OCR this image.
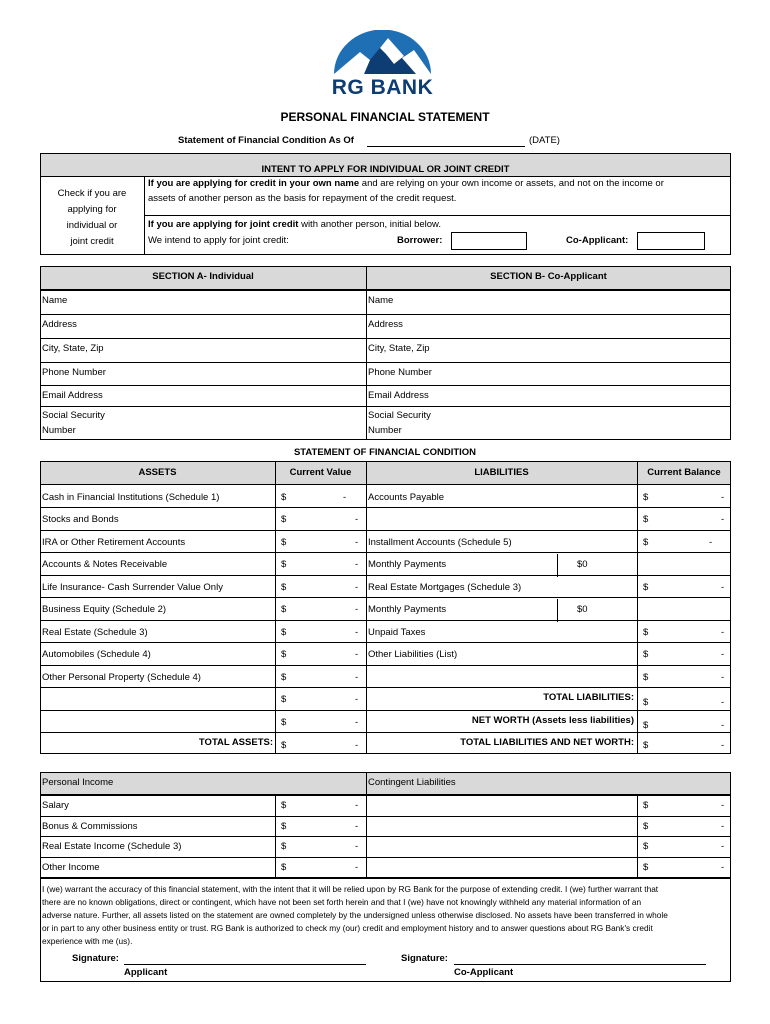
RG BANK
PERSONAL FINANCIAL STATEMENT
Statement of Financial Condition As Of	(DATE)
INTENT TO APPLY FOR INDIVIDUAL OR JOINT CREDIT
Check if you are
applying for
individual or
joint credit
If you are applying for credit in your own name and are relying on your own income or assets, and not on the income or
assets of another person as the basis for repayment of the credit request.
If you are applying for joint credit with another person, initial below.
We intend to apply for joint credit:	Borrower:	Co-Applicant:
SECTION A- Individual	SECTION B- Co-Applicant
Name	Name
Address	Address
City, State, Zip	City, State, Zip
Phone Number	Phone Number
Email Address	Email Address
Social Security
Number
Social Security
Number
STATEMENT OF FINANCIAL CONDITION
ASSETS	Current Value	LIABILITIES	Current Balance
Cash in Financial Institutions (Schedule 1)	$	- Accounts Payable	$	-
Stocks and Bonds	$	-	$	-
IRA or Other Retirement Accounts	$	- Installment Accounts (Schedule 5)	$	-
Accounts & Notes Receivable	$	- Monthly Payments	$0
Life Insurance- Cash Surrender Value Only	$	- Real Estate Mortgages (Schedule 3)	$	-
Business Equity (Schedule 2)	$	- Monthly Payments	$0
Real Estate (Schedule 3)	$	- Unpaid Taxes	$	-
Automobiles (Schedule 4)	$	- Other Liabilities (List)	$	-
Other Personal Property (Schedule 4)	$	-	$	-
$	-	TOTAL LIABILITIES: $	-
$	-	NET WORTH (Assets less liabilities) $	-
TOTAL ASSETS: $	-	TOTAL LIABILITIES AND NET WORTH: $	-
Personal Income	Contingent Liabilities
Salary	$	-	$	-
Bonus & Commissions	$	-	$	-
Real Estate Income (Schedule 3)	$	-	$	-
Other Income	$	-	$	-
I (we) warrant the accuracy of this financial statement, with the intent that it will be relied upon by RG Bank for the purpose of extending credit. I (we) further warrant that
there are no known obligations, direct or contingent, which have not been set forth herein and that I (we) have not knowingly withheld any material information of an
adverse nature. Further, all assets listed on the statement are owned completely by the undersigned unless otherwise disclosed. No assets have been transferred in whole
or in part to any other business entity or trust. RG Bank is authorized to check my (our) credit and employment history and to answer questions about RG Bank's credit
experience with me (us).
Signature:
Applicant
Signature:
Co-Applicant
